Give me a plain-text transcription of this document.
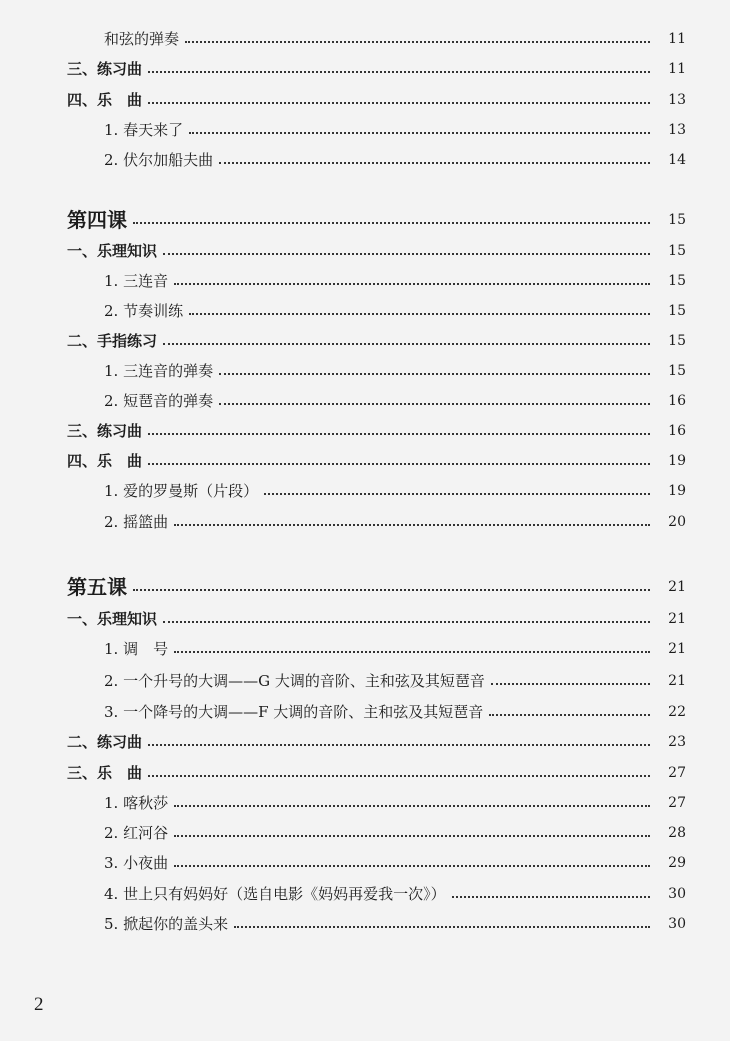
和弦的弹奏	11
三、练习曲	11
四、乐　曲	13
1. 春天来了	13
2. 伏尔加船夫曲	14
第四课	15
一、乐理知识	15
1. 三连音	15
2. 节奏训练	15
二、手指练习	15
1. 三连音的弹奏	15
2. 短琶音的弹奏	16
三、练习曲	16
四、乐　曲	19
1. 爱的罗曼斯（片段）	19
2. 摇篮曲	20
第五课	21
一、乐理知识	21
1. 调　号	21
2. 一个升号的大调——G 大调的音阶、主和弦及其短琶音	21
3. 一个降号的大调——F 大调的音阶、主和弦及其短琶音	22
二、练习曲	23
三、乐　曲	27
1. 喀秋莎	27
2. 红河谷	28
3. 小夜曲	29
4. 世上只有妈妈好（选自电影《妈妈再爱我一次》）	30
5. 掀起你的盖头来	30
2
